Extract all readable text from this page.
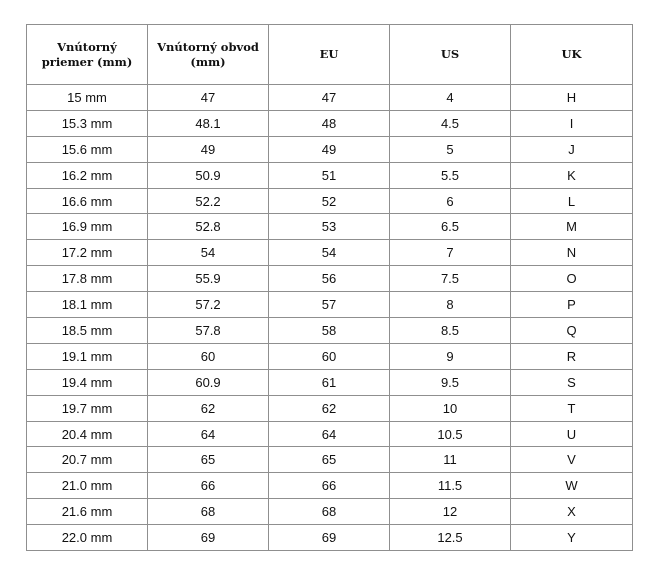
Vnútorný priemer (mm)	Vnútorný obvod (mm)	EU	US	UK
15 mm	47	47	4	H
15.3 mm	48.1	48	4.5	I
15.6 mm	49	49	5	J
16.2 mm	50.9	51	5.5	K
16.6 mm	52.2	52	6	L
16.9 mm	52.8	53	6.5	M
17.2 mm	54	54	7	N
17.8 mm	55.9	56	7.5	O
18.1 mm	57.2	57	8	P
18.5 mm	57.8	58	8.5	Q
19.1 mm	60	60	9	R
19.4 mm	60.9	61	9.5	S
19.7 mm	62	62	10	T
20.4 mm	64	64	10.5	U
20.7 mm	65	65	11	V
21.0 mm	66	66	11.5	W
21.6 mm	68	68	12	X
22.0 mm	69	69	12.5	Y
